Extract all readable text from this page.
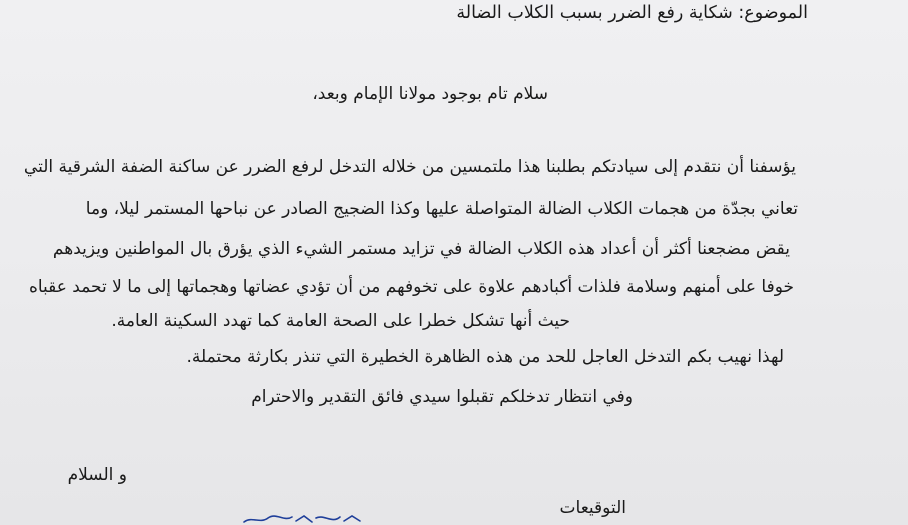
الموضوع: شكاية رفع الضرر بسبب الكلاب الضالة
سلام تام بوجود مولانا الإمام وبعد،
يؤسفنا أن نتقدم إلى سيادتكم بطلبنا هذا ملتمسين من خلاله التدخل لرفع الضرر عن ساكنة الضفة الشرقية التي
تعاني بجدّة من هجمات الكلاب الضالة المتواصلة عليها وكذا الضجيج الصادر عن نباحها المستمر ليلا، وما
يقض مضجعنا أكثر أن أعداد هذه الكلاب الضالة في تزايد مستمر الشيء الذي يؤرق بال المواطنين ويزيدهم
خوفا على أمنهم وسلامة فلذات أكبادهم علاوة على تخوفهم من أن تؤدي عضاتها وهجماتها إلى ما لا تحمد عقباه
حيث أنها تشكل خطرا على الصحة العامة كما تهدد السكينة العامة.
لهذا نهيب بكم التدخل العاجل للحد من هذه الظاهرة الخطيرة التي تنذر بكارثة محتملة.
وفي انتظار تدخلكم تقبلوا سيدي فائق التقدير والاحترام
و السلام
التوقيعات
